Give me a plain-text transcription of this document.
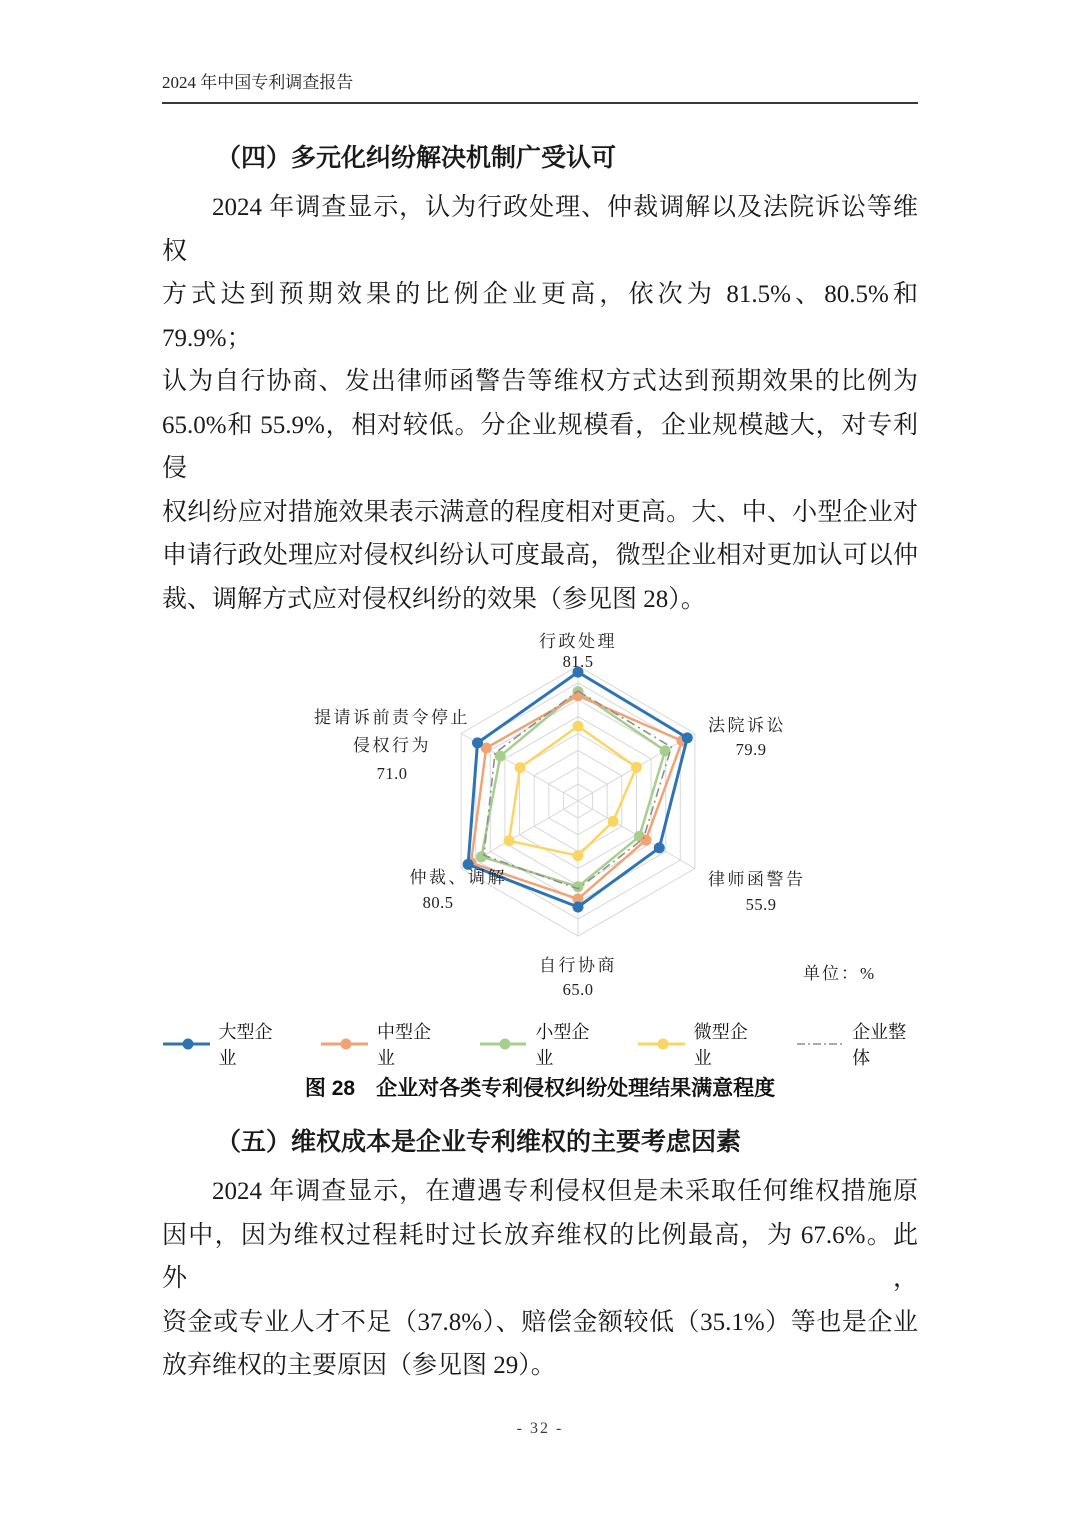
2024 年中国专利调查报告
（四）多元化纠纷解决机制广受认可
2024 年调查显示，认为行政处理、仲裁调解以及法院诉讼等维权
方式达到预期效果的比例企业更高，依次为 81.5%、80.5%和 79.9%；
认为自行协商、发出律师函警告等维权方式达到预期效果的比例为
65.0%和 55.9%，相对较低。分企业规模看，企业规模越大，对专利侵
权纠纷应对措施效果表示满意的程度相对更高。大、中、小型企业对
申请行政处理应对侵权纠纷认可度最高，微型企业相对更加认可以仲
裁、调解方式应对侵权纠纷的效果（参见图 28）。
行政处理
81.5
法院诉讼
79.9
律师函警告
55.9
自行协商
65.0
仲裁、调解
80.5
提请诉前责令停止
侵权行为
71.0
单位：%
大型企业
中型企业
小型企业
微型企业
企业整体
图 28　企业对各类专利侵权纠纷处理结果满意程度
（五）维权成本是企业专利维权的主要考虑因素
2024 年调查显示，在遭遇专利侵权但是未采取任何维权措施原
因中，因为维权过程耗时过长放弃维权的比例最高，为 67.6%。此外，
资金或专业人才不足（37.8%）、赔偿金额较低（35.1%）等也是企业
放弃维权的主要原因（参见图 29）。
- 32 -
